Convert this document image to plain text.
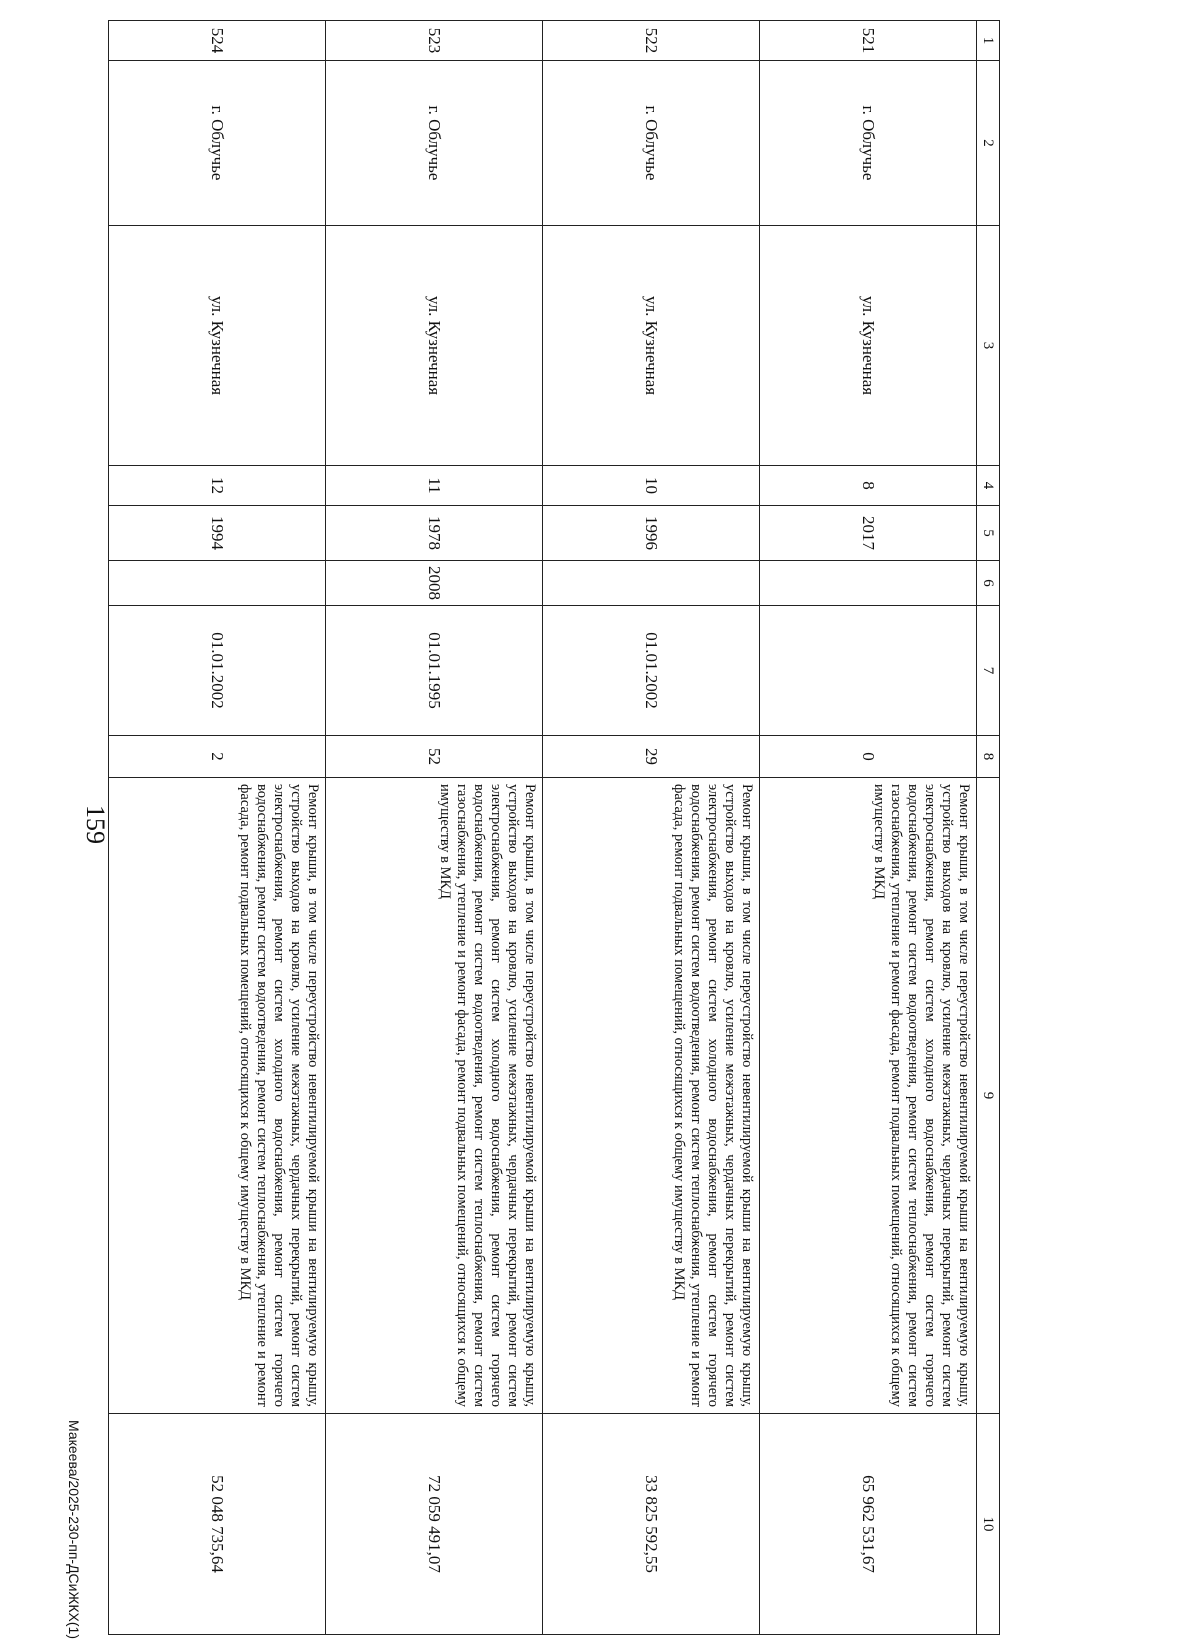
159
Макеева/2025-230-пп-ДСиЖКХ(1)
1	2	3	4	5	6	7	8	9	10
521	г. Облучье	ул. Кузнечная	8	2017			0	Ремонт крыши, в том числе переустройство невентилируемой крыши на вентилируемую крышу, устройство выходов на кровлю, усиление межэтажных, чердачных перекрытий, ремонт систем электроснабжения, ремонт систем холодного водоснабжения, ремонт систем горячего водоснабжения, ремонт систем водоотведения, ремонт систем теплоснабжения, ремонт систем газоснабжения, утепление и ремонт фасада, ремонт подвальных помещений, относящихся к общему имуществу в МКД	65 962 531,67
522	г. Облучье	ул. Кузнечная	10	1996		01.01.2002	29	Ремонт крыши, в том числе переустройство невентилируемой крыши на вентилируемую крышу, устройство выходов на кровлю, усиление межэтажных, чердачных перекрытий, ремонт систем электроснабжения, ремонт систем холодного водоснабжения, ремонт систем горячего водоснабжения, ремонт систем водоотведения, ремонт систем теплоснабжения, утепление и ремонт фасада, ремонт подвальных помещений, относящихся к общему имуществу в МКД	33 825 592,55
523	г. Облучье	ул. Кузнечная	11	1978	2008	01.01.1995	52	Ремонт крыши, в том числе переустройство невентилируемой крыши на вентилируемую крышу, устройство выходов на кровлю, усиление межэтажных, чердачных перекрытий, ремонт систем электроснабжения, ремонт систем холодного водоснабжения, ремонт систем горячего водоснабжения, ремонт систем водоотведения, ремонт систем теплоснабжения, ремонт систем газоснабжения, утепление и ремонт фасада, ремонт подвальных помещений, относящихся к общему имуществу в МКД	72 059 491,07
524	г. Облучье	ул. Кузнечная	12	1994		01.01.2002	2	Ремонт крыши, в том числе переустройство невентилируемой крыши на вентилируемую крышу, устройство выходов на кровлю, усиление межэтажных, чердачных перекрытий, ремонт систем электроснабжения, ремонт систем холодного водоснабжения, ремонт систем горячего водоснабжения, ремонт систем водоотведения, ремонт систем теплоснабжения, утепление и ремонт фасада, ремонт подвальных помещений, относящихся к общему имуществу в МКД	52 048 735,64
